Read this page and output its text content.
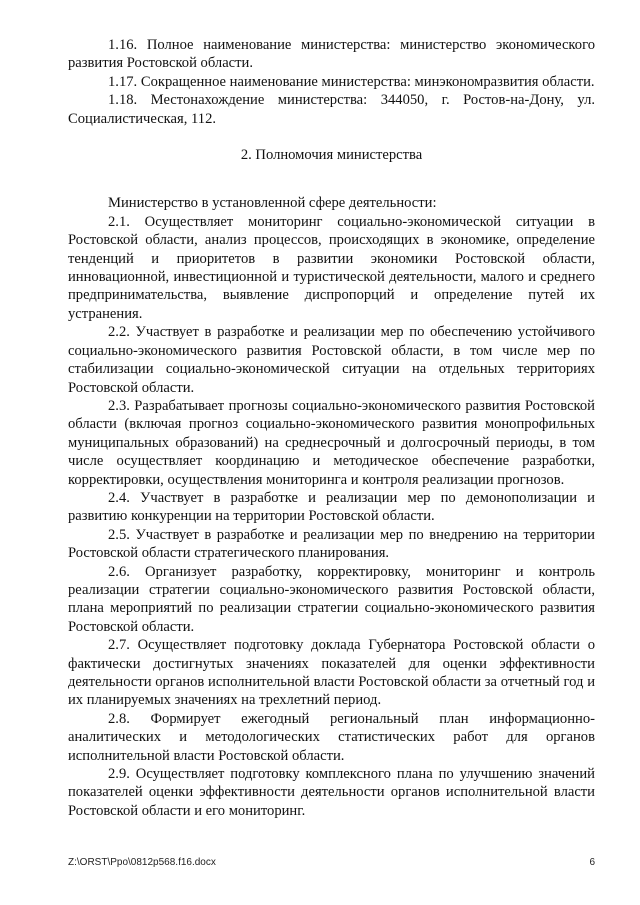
1.16. Полное наименование министерства: министерство экономического развития Ростовской области.

1.17. Сокращенное наименование министерства: минэкономразвития области.

1.18. Местонахождение министерства: 344050, г. Ростов-на-Дону, ул. Социалистическая, 112.

2. Полномочия министерства

Министерство в установленной сфере деятельности:

2.1. Осуществляет мониторинг социально-экономической ситуации в Ростовской области, анализ процессов, происходящих в экономике, определение тенденций и приоритетов в развитии экономики Ростовской области, инновационной, инвестиционной и туристической деятельности, малого и среднего предпринимательства, выявление диспропорций и определение путей их устранения.

2.2. Участвует в разработке и реализации мер по обеспечению устойчивого социально-экономического развития Ростовской области, в том числе мер по стабилизации социально-экономической ситуации на отдельных территориях Ростовской области.

2.3. Разрабатывает прогнозы социально-экономического развития Ростовской области (включая прогноз социально-экономического развития монопрофильных муниципальных образований) на среднесрочный и долгосрочный периоды, в том числе осуществляет координацию и методическое обеспечение разработки, корректировки, осуществления мониторинга и контроля реализации прогнозов.

2.4. Участвует в разработке и реализации мер по демонополизации и развитию конкуренции на территории Ростовской области.

2.5. Участвует в разработке и реализации мер по внедрению на территории Ростовской области стратегического планирования.

2.6. Организует разработку, корректировку, мониторинг и контроль реализации стратегии социально-экономического развития Ростовской области, плана мероприятий по реализации стратегии социально-экономического развития Ростовской области.

2.7. Осуществляет подготовку доклада Губернатора Ростовской области о фактически достигнутых значениях показателей для оценки эффективности деятельности органов исполнительной власти Ростовской области за отчетный год и их планируемых значениях на трехлетний период.

2.8. Формирует ежегодный региональный план информационно-аналитических и методологических статистических работ для органов исполнительной власти Ростовской области.

2.9. Осуществляет подготовку комплексного плана по улучшению значений показателей оценки эффективности деятельности органов исполнительной власти Ростовской области и его мониторинг.

Z:\ORST\Ppo\0812p568.f16.docx	6
